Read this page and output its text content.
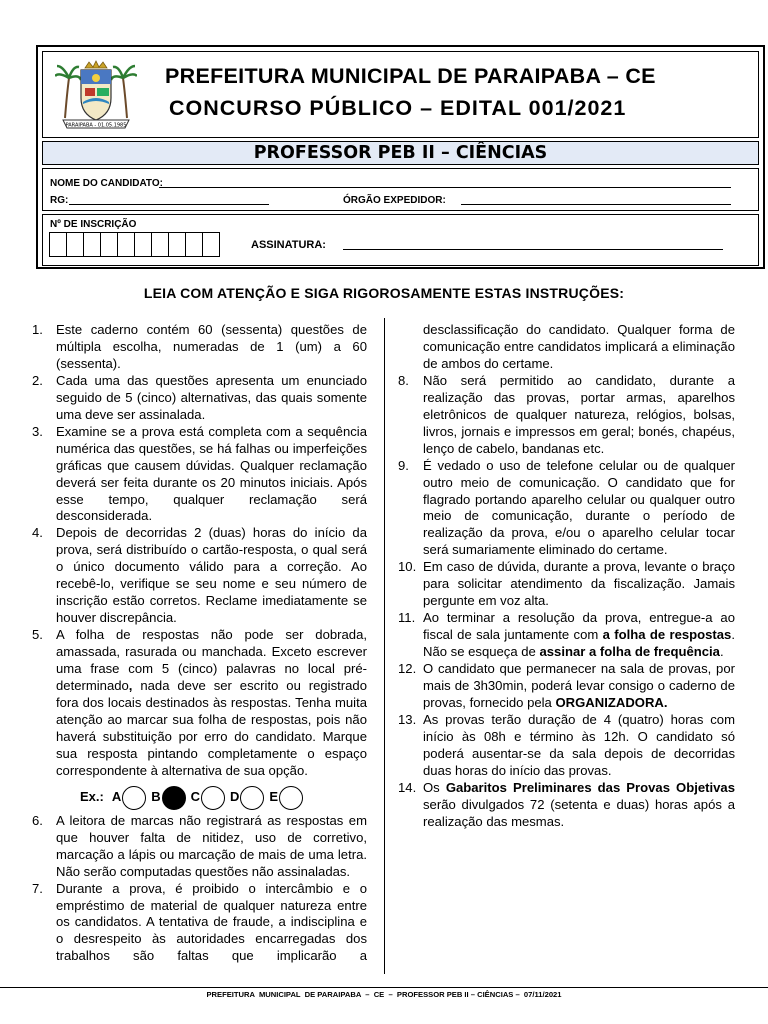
PARAIPABA - 01.05.1985
PREFEITURA MUNICIPAL DE PARAIPABA – CE
CONCURSO PÚBLICO – EDITAL 001/2021
PROFESSOR PEB II – CIÊNCIAS
NOME DO CANDIDATO:
RG:	ÓRGÃO EXPEDIDOR:
Nº DE INSCRIÇÃO
ASSINATURA:
LEIA COM ATENÇÃO E SIGA RIGOROSAMENTE ESTAS INSTRUÇÕES:
1. Este caderno contém 60 (sessenta) questões de múltipla escolha, numeradas de 1 (um) a 60 (sessenta).
2. Cada uma das questões apresenta um enunciado seguido de 5 (cinco) alternativas, das quais somente uma deve ser assinalada.
3. Examine se a prova está completa com a sequência numérica das questões, se há falhas ou imperfeições gráficas que causem dúvidas. Qualquer reclamação deverá ser feita durante os 20 minutos iniciais. Após esse tempo, qualquer reclamação será desconsiderada.
4. Depois de decorridas 2 (duas) horas do início da prova, será distribuído o cartão-resposta, o qual será o único documento válido para a correção. Ao recebê-lo, verifique se seu nome e seu número de inscrição estão corretos. Reclame imediatamente se houver discrepância.
5. A folha de respostas não pode ser dobrada, amassada, rasurada ou manchada. Exceto escrever uma frase com 5 (cinco) palavras no local pré-determinado, nada deve ser escrito ou registrado fora dos locais destinados às respostas. Tenha muita atenção ao marcar sua folha de respostas, pois não haverá substituição por erro do candidato. Marque sua resposta pintando completamente o espaço correspondente à alternativa de sua opção.
Ex.: A B C D E
6. A leitora de marcas não registrará as respostas em que houver falta de nitidez, uso de corretivo, marcação a lápis ou marcação de mais de uma letra. Não serão computadas questões não assinaladas.
7. Durante a prova, é proibido o intercâmbio e o empréstimo de material de qualquer natureza entre os candidatos. A tentativa de fraude, a indisciplina e o desrespeito às autoridades encarregadas dos trabalhos são faltas que implicarão a
desclassificação do candidato. Qualquer forma de comunicação entre candidatos implicará a eliminação de ambos do certame.
8.	Não será permitido ao candidato, durante a realização das provas, portar armas, aparelhos eletrônicos de qualquer natureza, relógios, bolsas, livros, jornais e impressos em geral; bonés, chapéus, lenço de cabelo, bandanas etc.
9.	É vedado o uso de telefone celular ou de qualquer outro meio de comunicação. O candidato que for flagrado portando aparelho celular ou qualquer outro meio de comunicação, durante o período de realização da prova, e/ou o aparelho celular tocar será sumariamente eliminado do certame.
10. Em caso de dúvida, durante a prova, levante o braço para solicitar atendimento da fiscalização. Jamais pergunte em voz alta.
11. Ao terminar a resolução da prova, entregue-a ao fiscal de sala juntamente com a folha de respostas. Não se esqueça de assinar a folha de frequência.
12. O candidato que permanecer na sala de provas, por mais de 3h30min, poderá levar consigo o caderno de provas, fornecido pela ORGANIZADORA.
13. As provas terão duração de 4 (quatro) horas com início às 08h e término às 12h. O candidato só poderá ausentar-se da sala depois de decorridas duas horas do início das provas.
14. Os Gabaritos Preliminares das Provas Objetivas serão divulgados 72 (setenta e duas) horas após a realização das mesmas.
PREFEITURA  MUNICIPAL  DE PARAIPABA  –  CE  –  PROFESSOR PEB II – CIÊNCIAS –  07/11/2021
